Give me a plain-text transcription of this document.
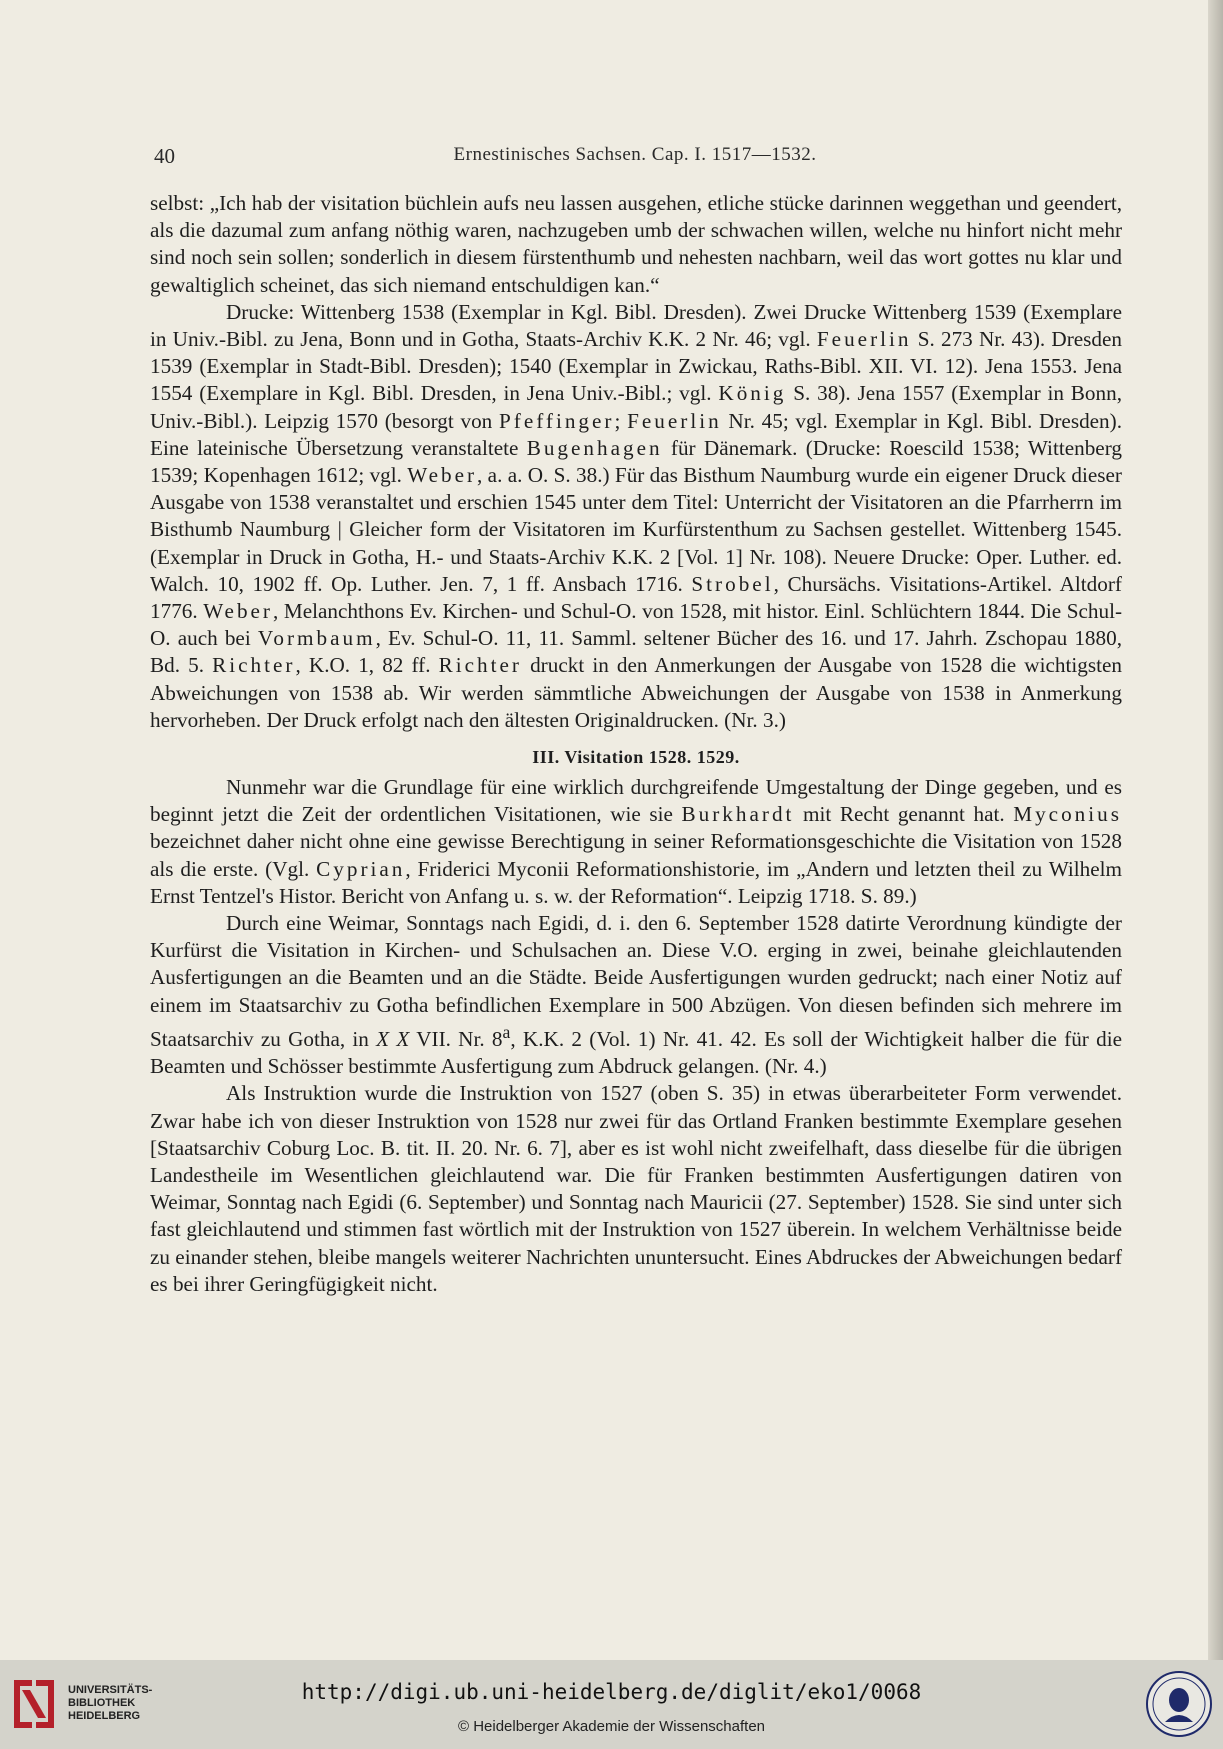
40	Ernestinisches Sachsen. Cap. I. 1517—1532.

selbst: „Ich hab der visitation büchlein aufs neu lassen ausgehen, etliche stücke darinnen weggethan und geendert, als die dazumal zum anfang nöthig waren, nachzugeben umb der schwachen willen, welche nu hinfort nicht mehr sind noch sein sollen; sonderlich in diesem fürstenthumb und nehesten nachbarn, weil das wort gottes nu klar und gewaltiglich scheinet, das sich niemand entschuldigen kan.“

Drucke: Wittenberg 1538 (Exemplar in Kgl. Bibl. Dresden). Zwei Drucke Wittenberg 1539 (Exemplare in Univ.-Bibl. zu Jena, Bonn und in Gotha, Staats-Archiv K.K. 2 Nr. 46; vgl. Feuerlin S. 273 Nr. 43). Dresden 1539 (Exemplar in Stadt-Bibl. Dresden); 1540 (Exemplar in Zwickau, Raths-Bibl. XII. VI. 12). Jena 1553. Jena 1554 (Exemplare in Kgl. Bibl. Dresden, in Jena Univ.-Bibl.; vgl. König S. 38). Jena 1557 (Exemplar in Bonn, Univ.-Bibl.). Leipzig 1570 (besorgt von Pfeffinger; Feuerlin Nr. 45; vgl. Exemplar in Kgl. Bibl. Dresden). Eine lateinische Übersetzung veranstaltete Bugenhagen für Dänemark. (Drucke: Roescild 1538; Wittenberg 1539; Kopenhagen 1612; vgl. Weber, a. a. O. S. 38.) Für das Bisthum Naumburg wurde ein eigener Druck dieser Ausgabe von 1538 veranstaltet und erschien 1545 unter dem Titel: Unterricht der Visitatoren an die Pfarrherrn im Bisthumb Naumburg | Gleicher form der Visitatoren im Kurfürstenthum zu Sachsen gestellet. Wittenberg 1545. (Exemplar in Druck in Gotha, H.- und Staats-Archiv K.K. 2 [Vol. 1] Nr. 108). Neuere Drucke: Oper. Luther. ed. Walch. 10, 1902 ff. Op. Luther. Jen. 7, 1 ff. Ansbach 1716. Strobel, Chursächs. Visitations-Artikel. Altdorf 1776. Weber, Melanchthons Ev. Kirchen- und Schul-O. von 1528, mit histor. Einl. Schlüchtern 1844. Die Schul-O. auch bei Vormbaum, Ev. Schul-O. 11, 11. Samml. seltener Bücher des 16. und 17. Jahrh. Zschopau 1880, Bd. 5. Richter, K.O. 1, 82 ff. Richter druckt in den Anmerkungen der Ausgabe von 1528 die wichtigsten Abweichungen von 1538 ab. Wir werden sämmtliche Abweichungen der Ausgabe von 1538 in Anmerkung hervorheben. Der Druck erfolgt nach den ältesten Originaldrucken. (Nr. 3.)

III. Visitation 1528. 1529.

Nunmehr war die Grundlage für eine wirklich durchgreifende Umgestaltung der Dinge gegeben, und es beginnt jetzt die Zeit der ordentlichen Visitationen, wie sie Burkhardt mit Recht genannt hat. Myconius bezeichnet daher nicht ohne eine gewisse Berechtigung in seiner Reformationsgeschichte die Visitation von 1528 als die erste. (Vgl. Cyprian, Friderici Myconii Reformationshistorie, im „Andern und letzten theil zu Wilhelm Ernst Tentzel's Histor. Bericht von Anfang u. s. w. der Reformation“. Leipzig 1718. S. 89.)

Durch eine Weimar, Sonntags nach Egidi, d. i. den 6. September 1528 datirte Verordnung kündigte der Kurfürst die Visitation in Kirchen- und Schulsachen an. Diese V.O. erging in zwei, beinahe gleichlautenden Ausfertigungen an die Beamten und an die Städte. Beide Ausfertigungen wurden gedruckt; nach einer Notiz auf einem im Staatsarchiv zu Gotha befindlichen Exemplare in 500 Abzügen. Von diesen befinden sich mehrere im Staatsarchiv zu Gotha, in X X VII. Nr. 8$^a$, K.K. 2 (Vol. 1) Nr. 41. 42. Es soll der Wichtigkeit halber die für die Beamten und Schösser bestimmte Ausfertigung zum Abdruck gelangen. (Nr. 4.)

Als Instruktion wurde die Instruktion von 1527 (oben S. 35) in etwas überarbeiteter Form verwendet. Zwar habe ich von dieser Instruktion von 1528 nur zwei für das Ortland Franken bestimmte Exemplare gesehen [Staatsarchiv Coburg Loc. B. tit. II. 20. Nr. 6. 7], aber es ist wohl nicht zweifelhaft, dass dieselbe für die übrigen Landestheile im Wesentlichen gleichlautend war. Die für Franken bestimmten Ausfertigungen datiren von Weimar, Sonntag nach Egidi (6. September) und Sonntag nach Mauricii (27. September) 1528. Sie sind unter sich fast gleichlautend und stimmen fast wörtlich mit der Instruktion von 1527 überein. In welchem Verhältnisse beide zu einander stehen, bleibe mangels weiterer Nachrichten ununtersucht. Eines Abdruckes der Abweichungen bedarf es bei ihrer Geringfügigkeit nicht.

UNIVERSITÄTS-
BIBLIOTHEK
HEIDELBERG
http://digi.ub.uni-heidelberg.de/diglit/eko1/0068
© Heidelberger Akademie der Wissenschaften
